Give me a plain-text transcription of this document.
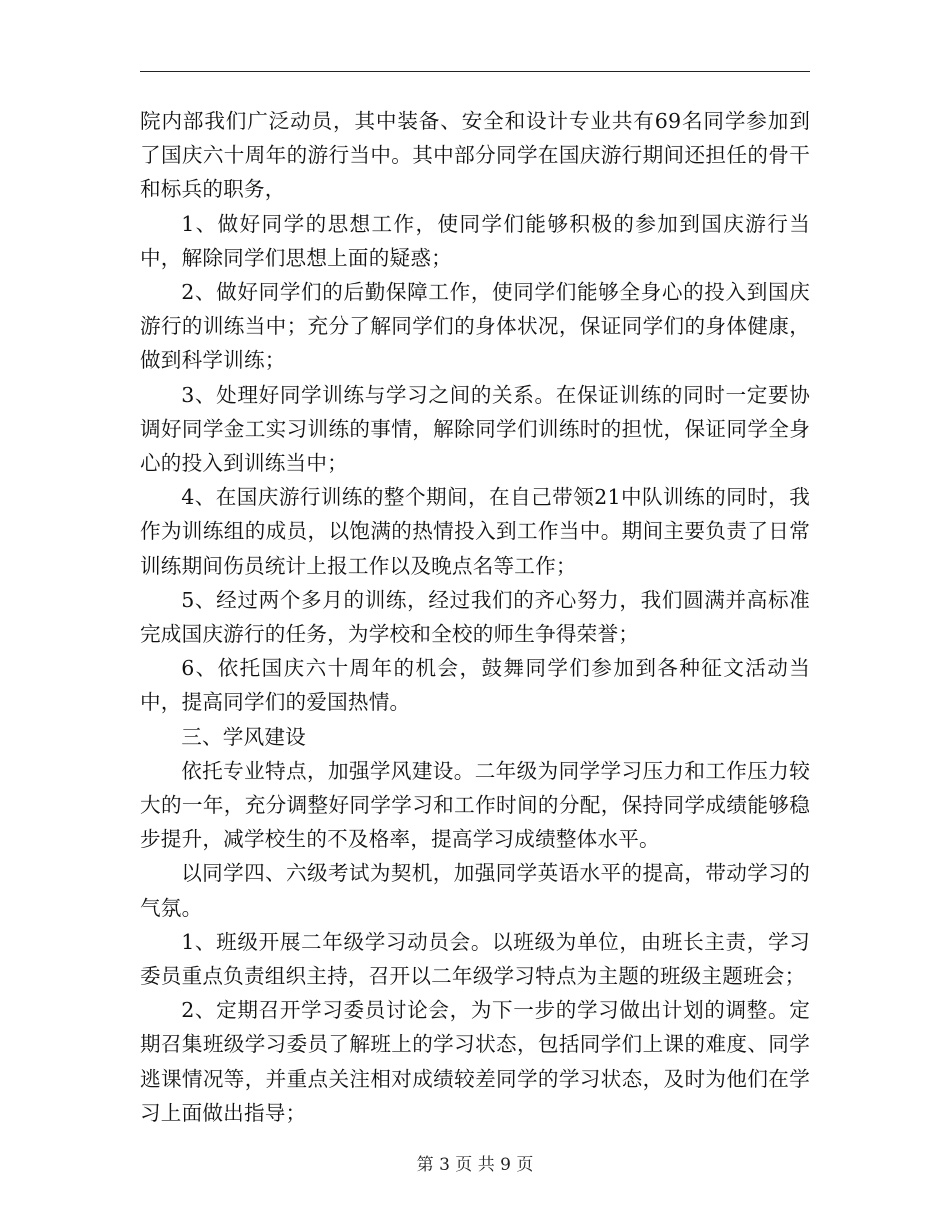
院内部我们广泛动员，其中装备、安全和设计专业共有69名同学参加到了国庆六十周年的游行当中。其中部分同学在国庆游行期间还担任的骨干和标兵的职务，

1、做好同学的思想工作，使同学们能够积极的参加到国庆游行当中，解除同学们思想上面的疑惑；

2、做好同学们的后勤保障工作，使同学们能够全身心的投入到国庆游行的训练当中；充分了解同学们的身体状况，保证同学们的身体健康，做到科学训练；

3、处理好同学训练与学习之间的关系。在保证训练的同时一定要协调好同学金工实习训练的事情，解除同学们训练时的担忧，保证同学全身心的投入到训练当中；

4、在国庆游行训练的整个期间，在自己带领21中队训练的同时，我作为训练组的成员，以饱满的热情投入到工作当中。期间主要负责了日常训练期间伤员统计上报工作以及晚点名等工作；

5、经过两个多月的训练，经过我们的齐心努力，我们圆满并高标准完成国庆游行的任务，为学校和全校的师生争得荣誉；

6、依托国庆六十周年的机会，鼓舞同学们参加到各种征文活动当中，提高同学们的爱国热情。

三、学风建设

依托专业特点，加强学风建设。二年级为同学学习压力和工作压力较大的一年，充分调整好同学学习和工作时间的分配，保持同学成绩能够稳步提升，减学校生的不及格率，提高学习成绩整体水平。

以同学四、六级考试为契机，加强同学英语水平的提高，带动学习的气氛。

1、班级开展二年级学习动员会。以班级为单位，由班长主责，学习委员重点负责组织主持，召开以二年级学习特点为主题的班级主题班会；

2、定期召开学习委员讨论会，为下一步的学习做出计划的调整。定期召集班级学习委员了解班上的学习状态，包括同学们上课的难度、同学逃课情况等，并重点关注相对成绩较差同学的学习状态，及时为他们在学习上面做出指导；

第 3 页 共 9 页
